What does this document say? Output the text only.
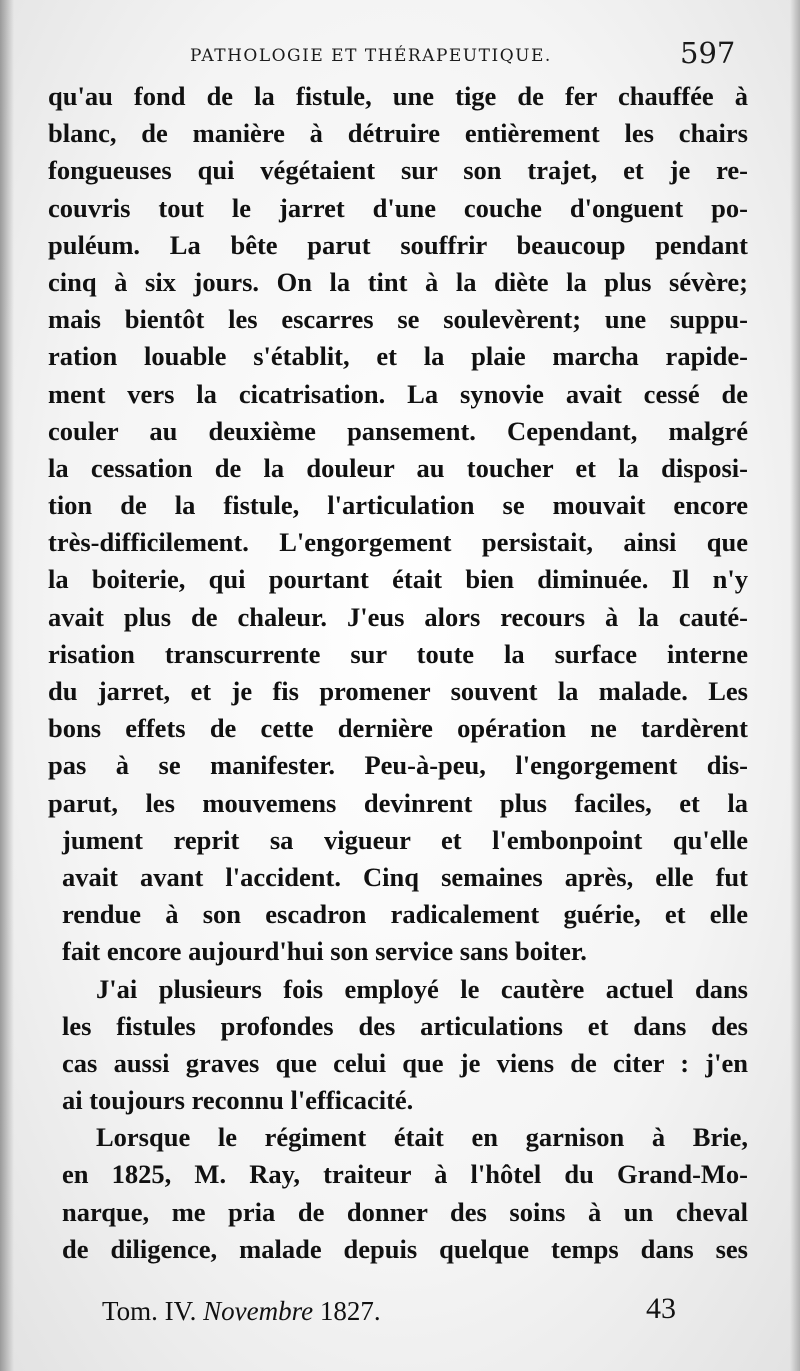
PATHOLOGIE ET THÉRAPEUTIQUE.	597
qu'au fond de la fistule, une tige de fer chauffée à
blanc, de manière à détruire entièrement les chairs
fongueuses qui végétaient sur son trajet, et je re-
couvris tout le jarret d'une couche d'onguent po-
puléum. La bête parut souffrir beaucoup pendant
cinq à six jours. On la tint à la diète la plus sévère;
mais bientôt les escarres se soulevèrent; une suppu-
ration louable s'établit, et la plaie marcha rapide-
ment vers la cicatrisation. La synovie avait cessé de
couler au deuxième pansement. Cependant, malgré
la cessation de la douleur au toucher et la disposi-
tion de la fistule, l'articulation se mouvait encore
très-difficilement. L'engorgement persistait, ainsi que
la boiterie, qui pourtant était bien diminuée. Il n'y
avait plus de chaleur. J'eus alors recours à la cauté-
risation transcurrente sur toute la surface interne
du jarret, et je fis promener souvent la malade. Les
bons effets de cette dernière opération ne tardèrent
pas à se manifester. Peu-à-peu, l'engorgement dis-
parut, les mouvemens devinrent plus faciles, et la
jument reprit sa vigueur et l'embonpoint qu'elle
avait avant l'accident. Cinq semaines après, elle fut
rendue à son escadron radicalement guérie, et elle
fait encore aujourd'hui son service sans boiter.
J'ai plusieurs fois employé le cautère actuel dans
les fistules profondes des articulations et dans des
cas aussi graves que celui que je viens de citer : j'en
ai toujours reconnu l'efficacité.
Lorsque le régiment était en garnison à Brie,
en 1825, M. Ray, traiteur à l'hôtel du Grand-Mo-
narque, me pria de donner des soins à un cheval
de diligence, malade depuis quelque temps dans ses
Tom. IV. Novembre 1827.	43
